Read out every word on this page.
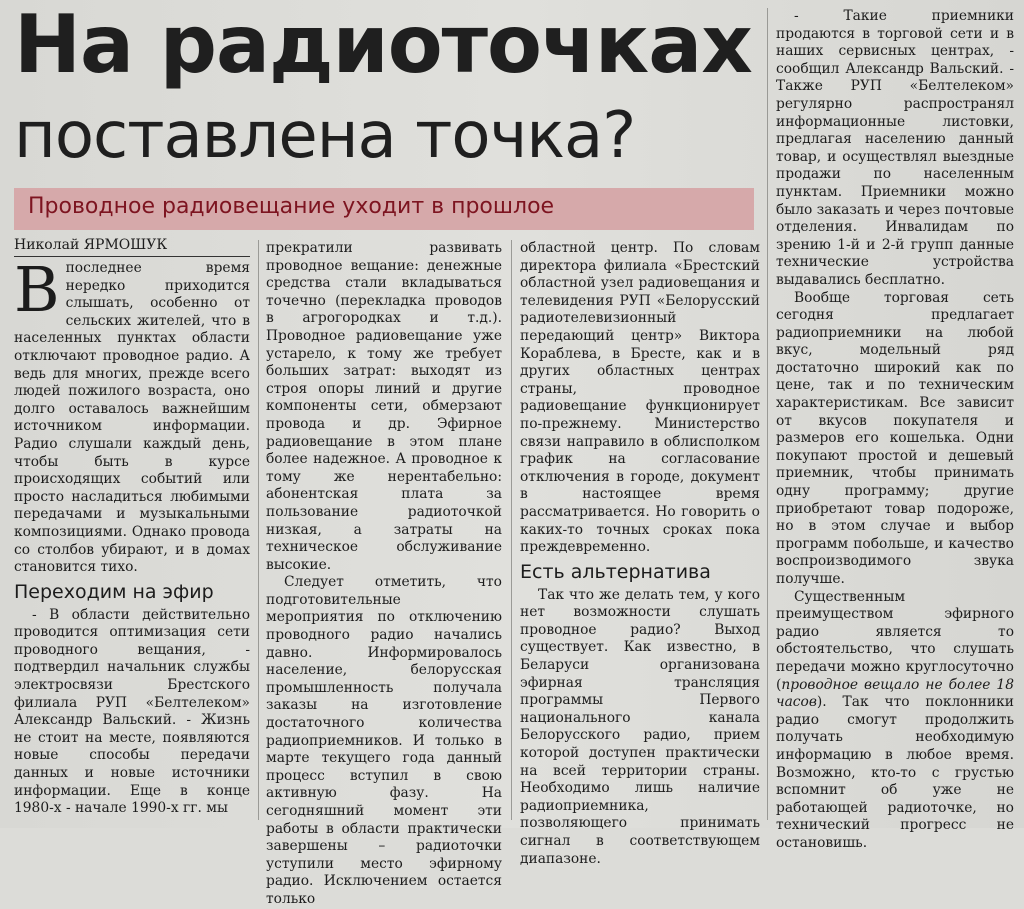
На радиоточках
поставлена точка?
Проводное радиовещание уходит в прошлое
Николай ЯРМОШУК

Впоследнее время нередко приходится слышать, особенно от сельских жителей, что в населенных пунктах области отключают проводное радио. А ведь для многих, прежде всего людей пожилого возраста, оно долго оставалось важнейшим источником информации. Радио слушали каждый день, чтобы быть в курсе происходящих событий или просто насладиться любимыми передачами и музыкальными композициями. Однако провода со столбов убирают, и в домах становится тихо.

Переходим на эфир

- В области действительно проводится оптимизация сети проводного вещания, - подтвердил начальник службы электросвязи Брестского филиала РУП «Белтелеком» Александр Вальский. - Жизнь не стоит на месте, появляются новые способы передачи данных и новые источники информации. Еще в конце 1980-х - начале 1990-х гг. мы

прекратили развивать проводное вещание: денежные средства стали вкладываться точечно (перекладка проводов в агрогородках и т.д.). Проводное радиовещание уже устарело, к тому же требует больших затрат: выходят из строя опоры линий и другие компоненты сети, обмерзают провода и др. Эфирное радиовещание в этом плане более надежное. А проводное к тому же нерентабельно: абонентская плата за пользование радиоточкой низкая, а затраты на техническое обслуживание высокие.

Следует отметить, что подготовительные мероприятия по отключению проводного радио начались давно. Информировалось население, белорусская промышленность получала заказы на изготовление достаточного количества радиоприемников. И только в марте текущего года данный процесс вступил в свою активную фазу. На сегодняшний момент эти работы в области практически завершены – радиоточки уступили место эфирному радио. Исключением остается только

областной центр. По словам директора филиала «Брестский областной узел радиовещания и телевидения РУП «Белорусский радиотелевизионный передающий центр» Виктора Кораблева, в Бресте, как и в других областных центрах страны, проводное радиовещание функционирует по-прежнему. Министерство связи направило в облисполком график на согласование отключения в городе, документ в настоящее время рассматривается. Но говорить о каких-то точных сроках пока преждевременно.

Есть альтернатива

Так что же делать тем, у кого нет возможности слушать проводное радио? Выход существует. Как известно, в Беларуси организована эфирная трансляция программы Первого национального канала Белорусского радио, прием которой доступен практически на всей территории страны. Необходимо лишь наличие радиоприемника, позволяющего принимать сигнал в соответствующем диапазоне.

- Такие приемники продаются в торговой сети и в наших сервисных центрах, - сообщил Александр Вальский. - Также РУП «Белтелеком» регулярно распространял информационные листовки, предлагая населению данный товар, и осуществлял выездные продажи по населенным пунктам. Приемники можно было заказать и через почтовые отделения. Инвалидам по зрению 1-й и 2-й групп данные технические устройства выдавались бесплатно.

Вообще торговая сеть сегодня предлагает радиоприемники на любой вкус, модельный ряд достаточно широкий как по цене, так и по техническим характеристикам. Все зависит от вкусов покупателя и размеров его кошелька. Одни покупают простой и дешевый приемник, чтобы принимать одну программу; другие приобретают товар подороже, но в этом случае и выбор программ побольше, и качество воспроизводимого звука получше.

Существенным преимуществом эфирного радио является то обстоятельство, что слушать передачи можно круглосуточно (проводное вещало не более 18 часов). Так что поклонники радио смогут продолжить получать необходимую информацию в любое время. Возможно, кто-то с грустью вспомнит об уже не работающей радиоточке, но технический прогресс не остановишь.
